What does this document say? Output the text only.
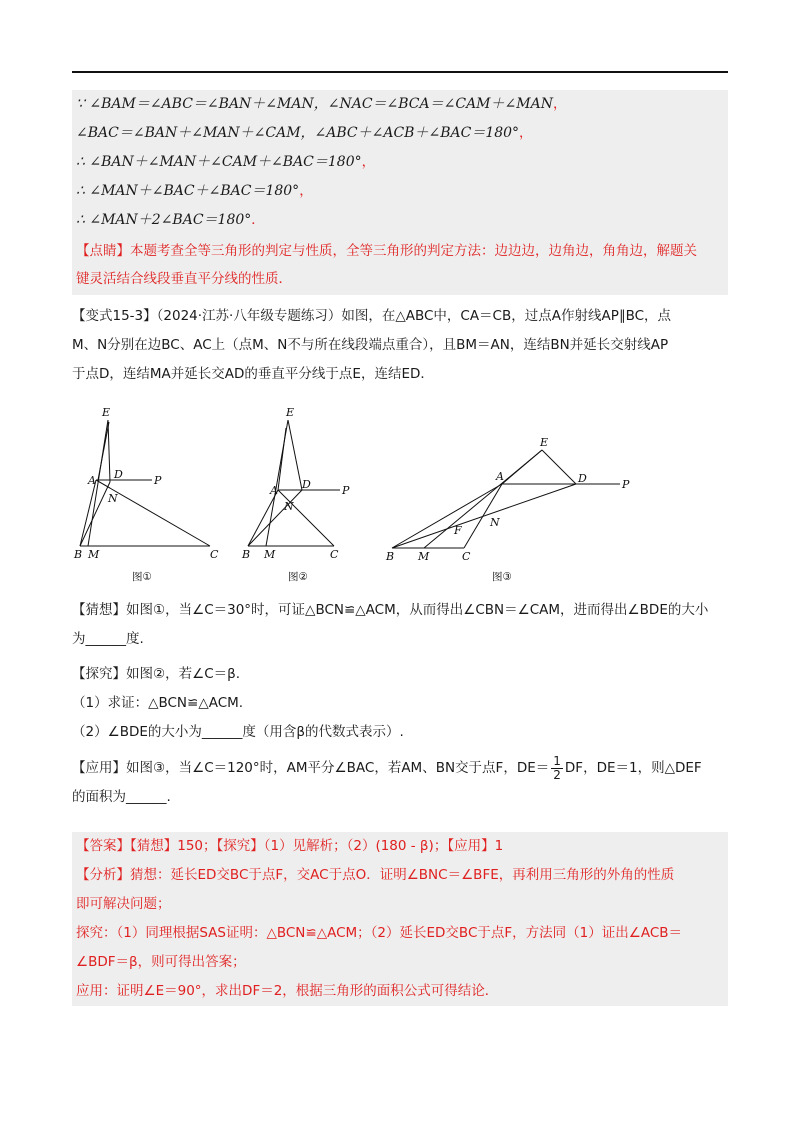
∵ ∠BAM＝∠ABC＝∠BAN＋∠MAN，∠NAC＝∠BCA＝∠CAM＋∠MAN，
∠BAC＝∠BAN＋∠MAN＋∠CAM，∠ABC＋∠ACB＋∠BAC＝180°，
∴ ∠BAN＋∠MAN＋∠CAM＋∠BAC＝180°，
∴ ∠MAN＋∠BAC＋∠BAC＝180°，
∴ ∠MAN＋2∠BAC＝180°．
【点睛】本题考查全等三角形的判定与性质，全等三角形的判定方法：边边边，边角边，角角边，解题关
键灵活结合线段垂直平分线的性质．
【变式15-3】（2024·江苏·八年级专题练习）如图，在△ABC中，CA＝CB，过点A作射线AP∥BC，点
M、N分别在边BC、AC上（点M、N不与所在线段端点重合），且BM＝AN，连结BN并延长交射线AP
于点D，连结MA并延长交AD的垂直平分线于点E，连结ED．
E
A D	P
N
B M	C
图①
E
A D	P
N
B M	C
图②
E
A	D	P
N
F
B M	C
图③
【猜想】如图①，当∠C＝30°时，可证△BCN≌△ACM，从而得出∠CBN＝∠CAM，进而得出∠BDE的大小
为______度.
【探究】如图②，若∠C＝β.
（1）求证：△BCN≌△ACM.
（2）∠BDE的大小为______度（用含β的代数式表示）.
【应用】如图③，当∠C＝120°时，AM平分∠BAC，若AM、BN交于点F，$DE= \frac{1}{2}$ DF，DE＝1，则△DEF
的面积为______.
【答案】【猜想】150；【探究】（1）见解析；（2）(180 - β)；【应用】1
【分析】猜想：延长ED交BC于点F，交AC于点O．证明∠BNC＝∠BFE，再利用三角形的外角的性质
即可解决问题；
探究：（1）同理根据SAS证明：△BCN≌△ACM；（2）延长ED交BC于点F，方法同（1）证出∠ACB＝
∠BDF＝β，则可得出答案；
应用：证明∠E＝90°，求出DF＝2，根据三角形的面积公式可得结论．
